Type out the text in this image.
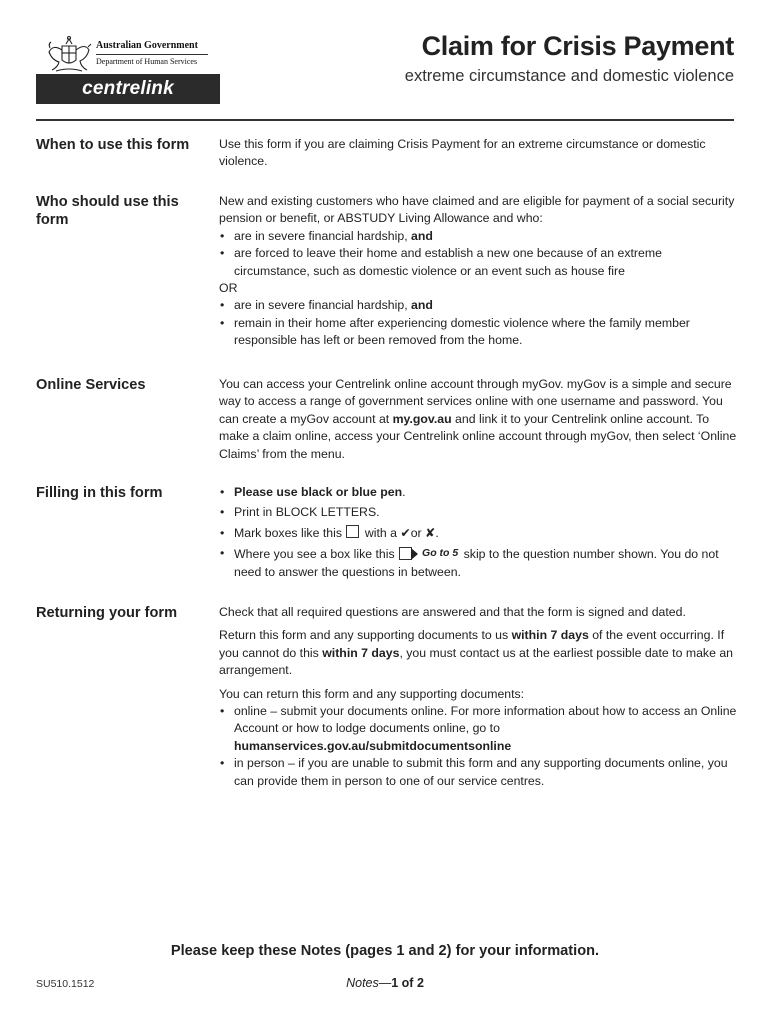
Australian Government
Department of Human Services
centrelink
Claim for Crisis Payment
extreme circumstance and domestic violence
When to use this form	Use this form if you are claiming Crisis Payment for an extreme circumstance or domestic violence.

Who should use this form

New and existing customers who have claimed and are eligible for payment of a social security pension or benefit, or ABSTUDY Living Allowance and who:

• are in severe financial hardship, and
• are forced to leave their home and establish a new one because of an extreme circumstance, such as domestic violence or an event such as house fire

OR

• are in severe financial hardship, and
• remain in their home after experiencing domestic violence where the family member responsible has left or been removed from the home.
Online Services	You can access your Centrelink online account through myGov. myGov is a simple and secure way to access a range of government services online with one username and password. You can create a myGov account at my.gov.au and link it to your Centrelink online account. To make a claim online, access your Centrelink online account through myGov, then select ‘Online Claims’ from the menu.

Filling in this form
•	Please use black or blue pen.
• Print in BLOCK LETTERS.
• Mark boxes like this with a ✔or ✘.
• Where you see a box like this	Go to 5 skip to the question number shown. You do not need to answer the questions in between.
Returning your form	Check that all required questions are answered and that the form is signed and dated.

Return this form and any supporting documents to us within 7 days of the event occurring. If you cannot do this within 7 days, you must contact us at the earliest possible date to make an arrangement.

You can return this form and any supporting documents:

• online – submit your documents online. For more information about how to access an Online Account or how to lodge documents online, go to
humanservices.gov.au/submitdocumentsonline
• in person – if you are unable to submit this form and any supporting documents online, you can provide them in person to one of our service centres.
Please keep these Notes (pages 1 and 2) for your information.
SU510.1512	Notes—1 of 2
